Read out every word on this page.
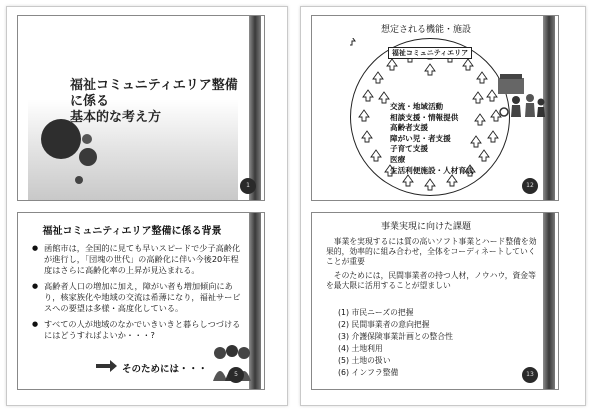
福祉コミュニティエリア整備に係る
基本的な考え方
1
福祉コミュニティエリア整備に係る背景
● 函館市は，全国的に見ても早いスピードで少子高齢化が進行し，「団塊の世代」の高齢化に伴い今後20年程度はさらに高齢化率の上昇が見込まれる。
● 高齢者人口の増加に加え，障がい者も増加傾向にあり，核家族化や地域の交流は希薄になり，福祉サービスへの要望は多様・高度化している。
● すべての人が地域のなかでいきいきと暮らしつづけるにはどうすればよいか・・・?
そのためには・・・	5
想定される機能・施設
福祉コミュニティエリア
交流・地域活動
相談支援・情報提供
高齢者支援
障がい児・者支援
子育て支援
医療
生活利便施設・人材育成
12
事業実現に向けた課題

事業を実現するには質の高いソフト事業とハード整備を効果的，効率的に組み合わせ，全体をコーディネートしていくことが重要

そのためには，民間事業者の持つ人材，ノウハウ，資金等を最大限に活用することが望ましい

(1) 市民ニーズの把握
(2) 民間事業者の意向把握
(3) 介護保険事業計画との整合性
(4) 土地利用
(5) 土地の扱い
(6) インフラ整備	13
